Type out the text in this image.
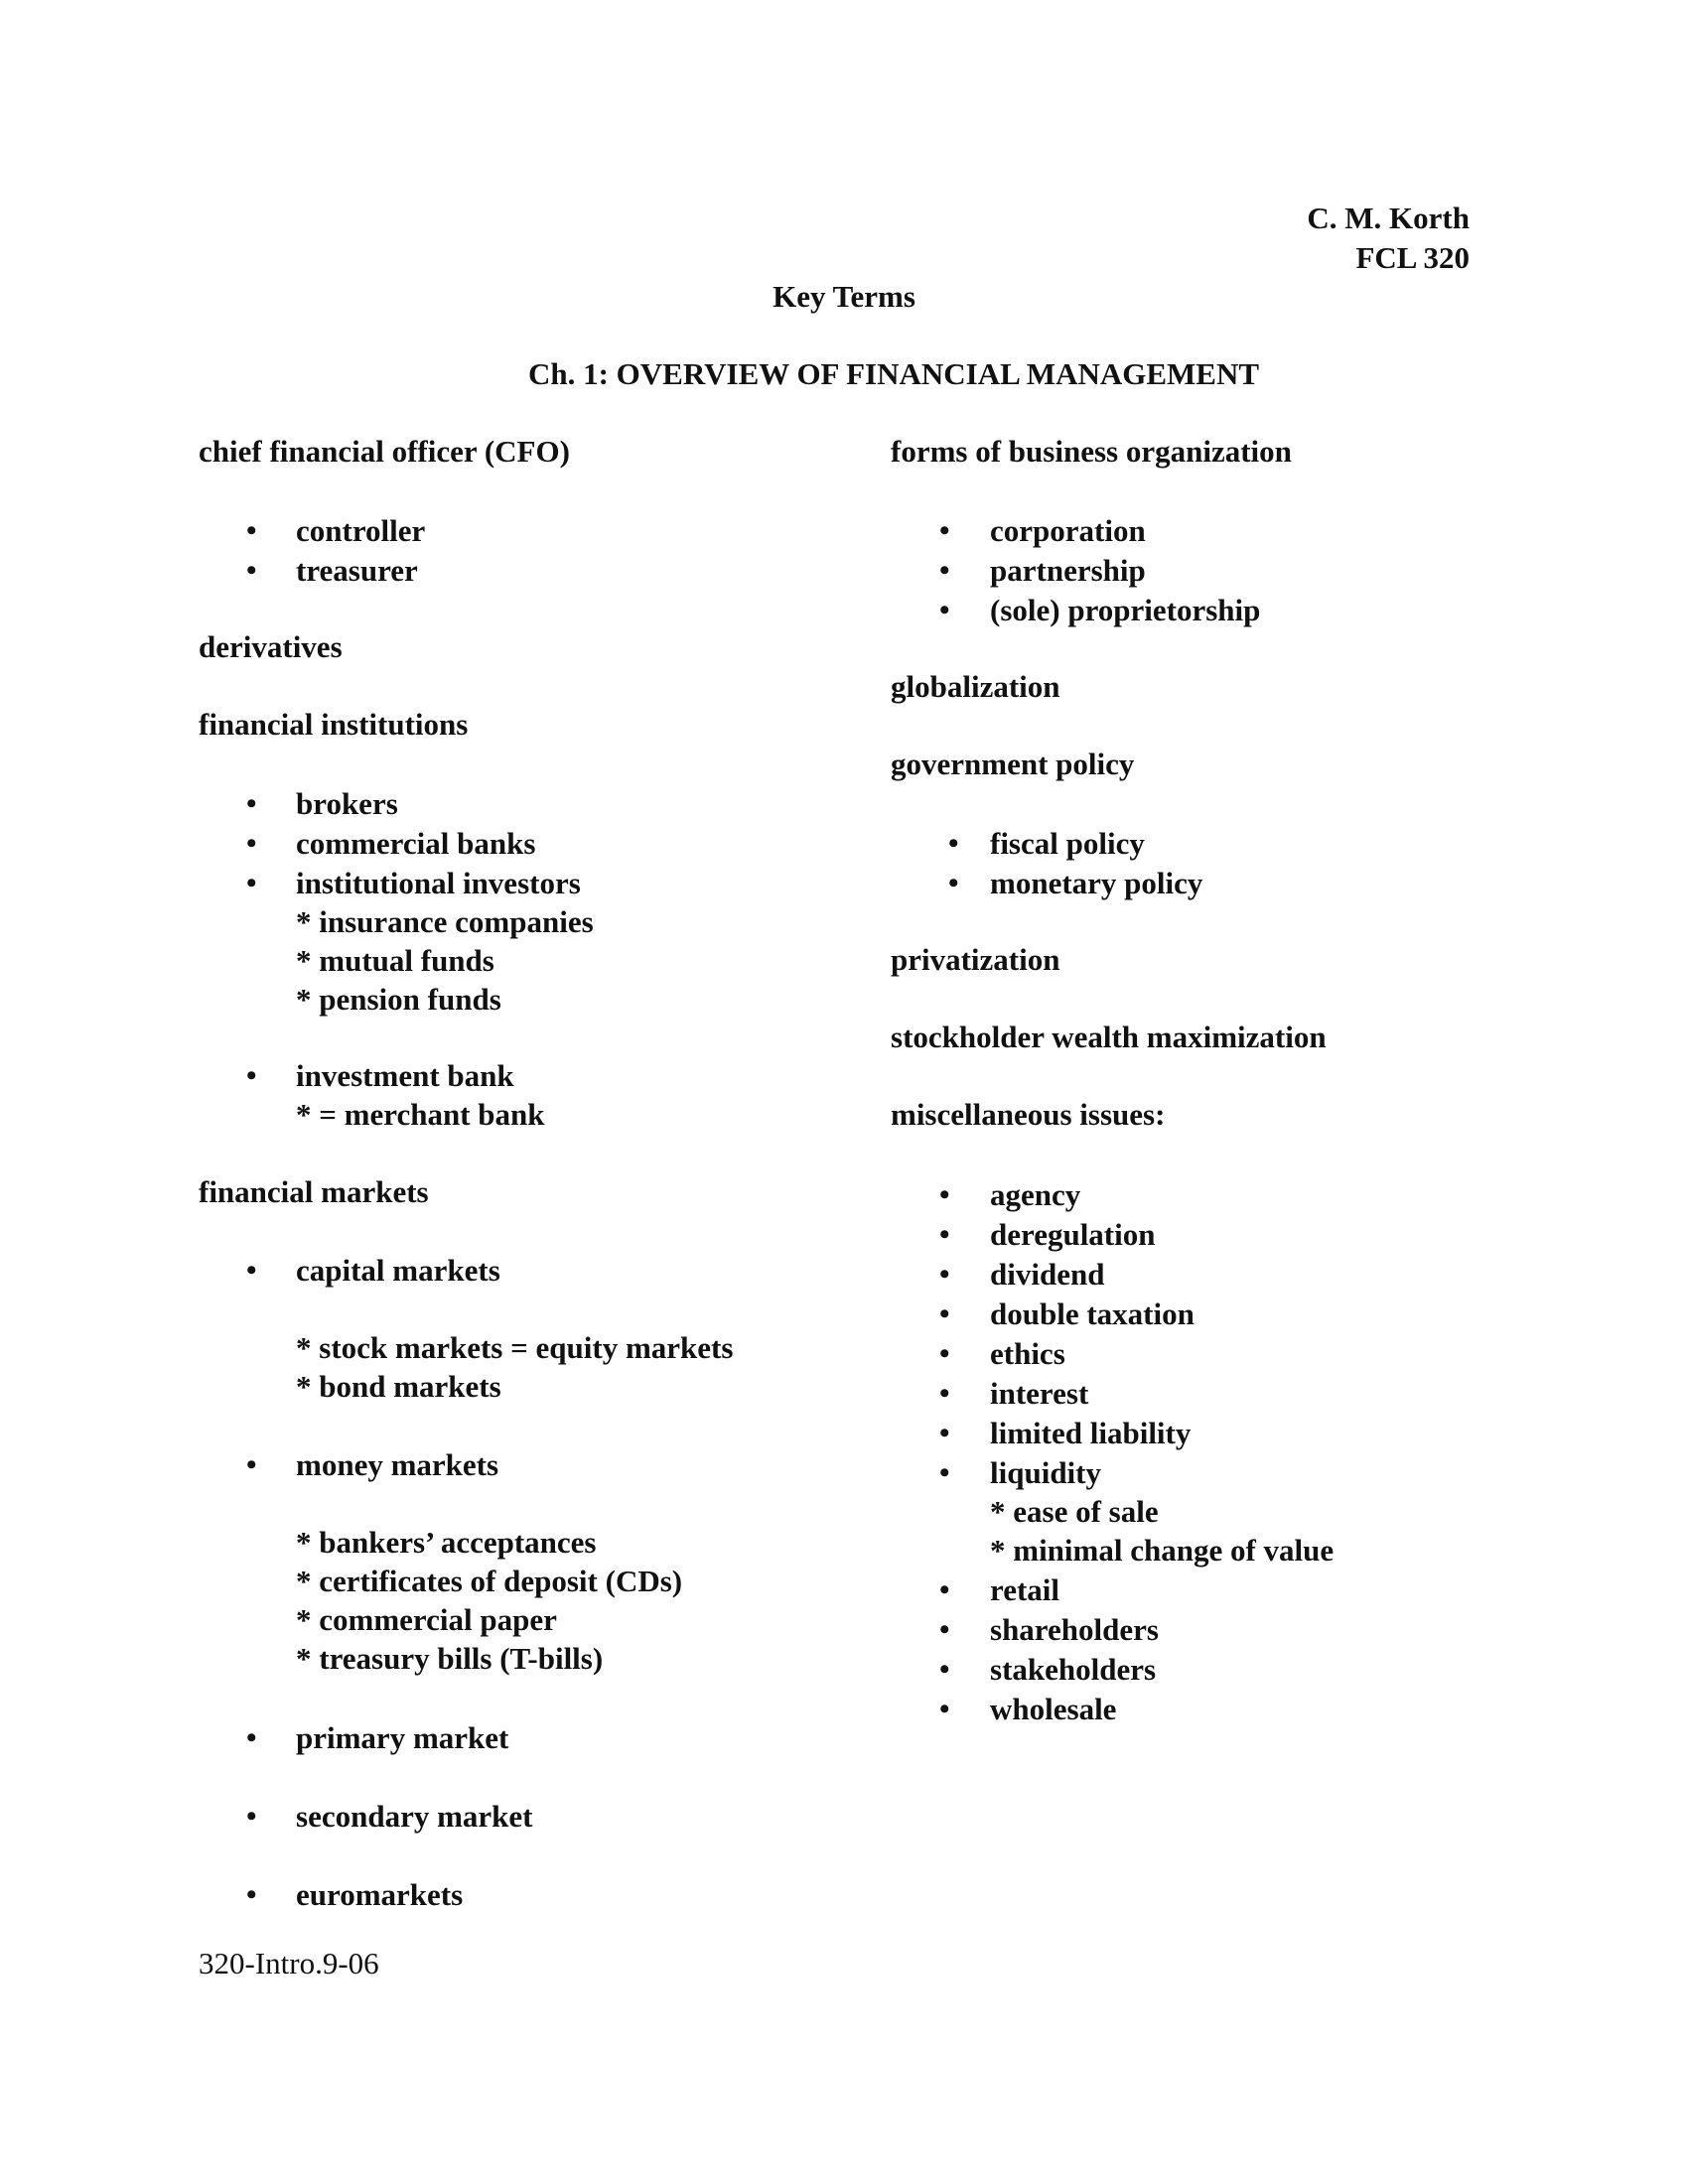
C. M. Korth
FCL 320
Key Terms
Ch. 1: OVERVIEW OF FINANCIAL MANAGEMENT
chief financial officer (CFO)
• controller
• treasurer
derivatives
financial institutions
• brokers
• commercial banks
• institutional investors
* insurance companies
* mutual funds
* pension funds
• investment bank
* = merchant bank
financial markets
• capital markets
* stock markets = equity markets
* bond markets
• money markets
* bankers’ acceptances
* certificates of deposit (CDs)
* commercial paper
* treasury bills (T-bills)
• primary market
• secondary market
• euromarkets
forms of business organization
• corporation
• partnership
• (sole) proprietorship
globalization
government policy
• fiscal policy
• monetary policy
privatization
stockholder wealth maximization
miscellaneous issues:
• agency
• deregulation
• dividend
• double taxation
• ethics
• interest
• limited liability
• liquidity
* ease of sale
* minimal change of value
• retail
• shareholders
• stakeholders
• wholesale
320-Intro.9-06
